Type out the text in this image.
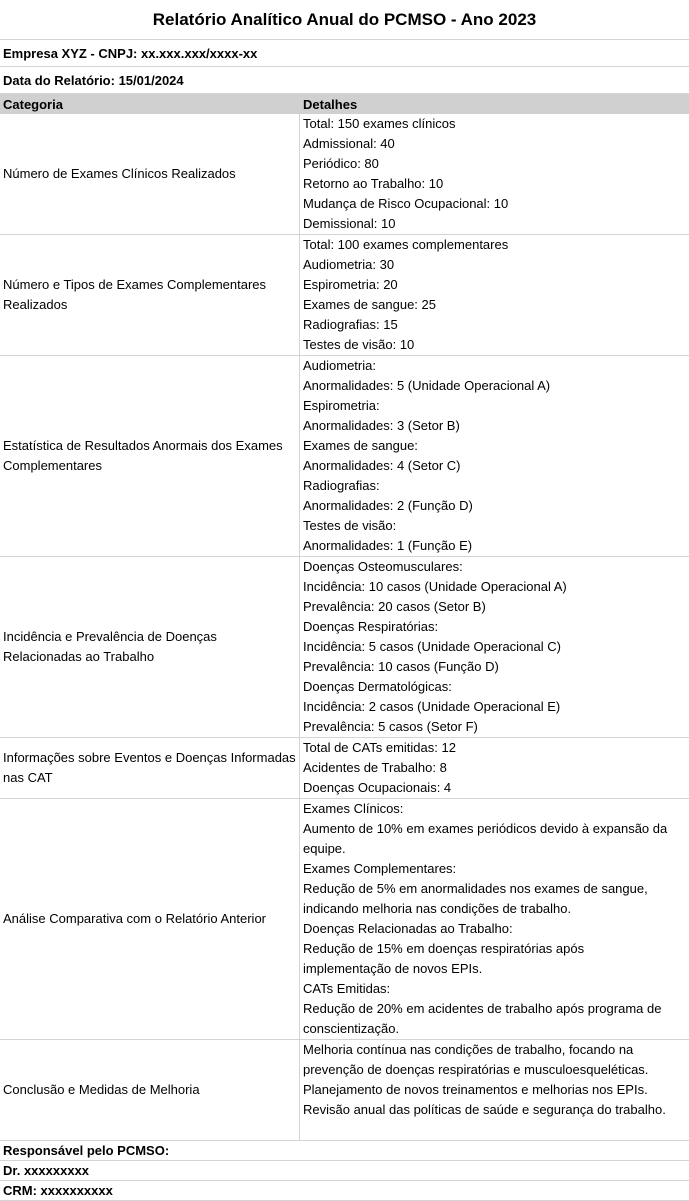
Relatório Analítico Anual do PCMSO - Ano 2023
Empresa XYZ - CNPJ: xx.xxx.xxx/xxxx-xx
Data do Relatório: 15/01/2024
Categoria	Detalhes
Número de Exames Clínicos Realizados
Total: 150 exames clínicos
Admissional: 40
Periódico: 80
Retorno ao Trabalho: 10
Mudança de Risco Ocupacional: 10
Demissional: 10
Número e Tipos de Exames Complementares Realizados
Total: 100 exames complementares
Audiometria: 30
Espirometria: 20
Exames de sangue: 25
Radiografias: 15
Testes de visão: 10
Estatística de Resultados Anormais dos Exames Complementares
Audiometria:
Anormalidades: 5 (Unidade Operacional A)
Espirometria:
Anormalidades: 3 (Setor B)
Exames de sangue:
Anormalidades: 4 (Setor C)
Radiografias:
Anormalidades: 2 (Função D)
Testes de visão:
Anormalidades: 1 (Função E)
Incidência e Prevalência de Doenças Relacionadas ao Trabalho
Doenças Osteomusculares:
Incidência: 10 casos (Unidade Operacional A)
Prevalência: 20 casos (Setor B)
Doenças Respiratórias:
Incidência: 5 casos (Unidade Operacional C)
Prevalência: 10 casos (Função D)
Doenças Dermatológicas:
Incidência: 2 casos (Unidade Operacional E)
Prevalência: 5 casos (Setor F)
Informações sobre Eventos e Doenças Informadas nas CAT
Total de CATs emitidas: 12
Acidentes de Trabalho: 8
Doenças Ocupacionais: 4
Análise Comparativa com o Relatório Anterior
Exames Clínicos:
Aumento de 10% em exames periódicos devido à expansão da
equipe.
Exames Complementares:
Redução de 5% em anormalidades nos exames de sangue,
indicando melhoria nas condições de trabalho.
Doenças Relacionadas ao Trabalho:
Redução de 15% em doenças respiratórias após
implementação de novos EPIs.
CATs Emitidas:
Redução de 20% em acidentes de trabalho após programa de
conscientização.
Conclusão e Medidas de Melhoria
Melhoria contínua nas condições de trabalho, focando na
prevenção de doenças respiratórias e musculoesqueléticas.
Planejamento de novos treinamentos e melhorias nos EPIs.
Revisão anual das políticas de saúde e segurança do trabalho.
Responsável pelo PCMSO:
Dr. xxxxxxxxx
CRM: xxxxxxxxxx
